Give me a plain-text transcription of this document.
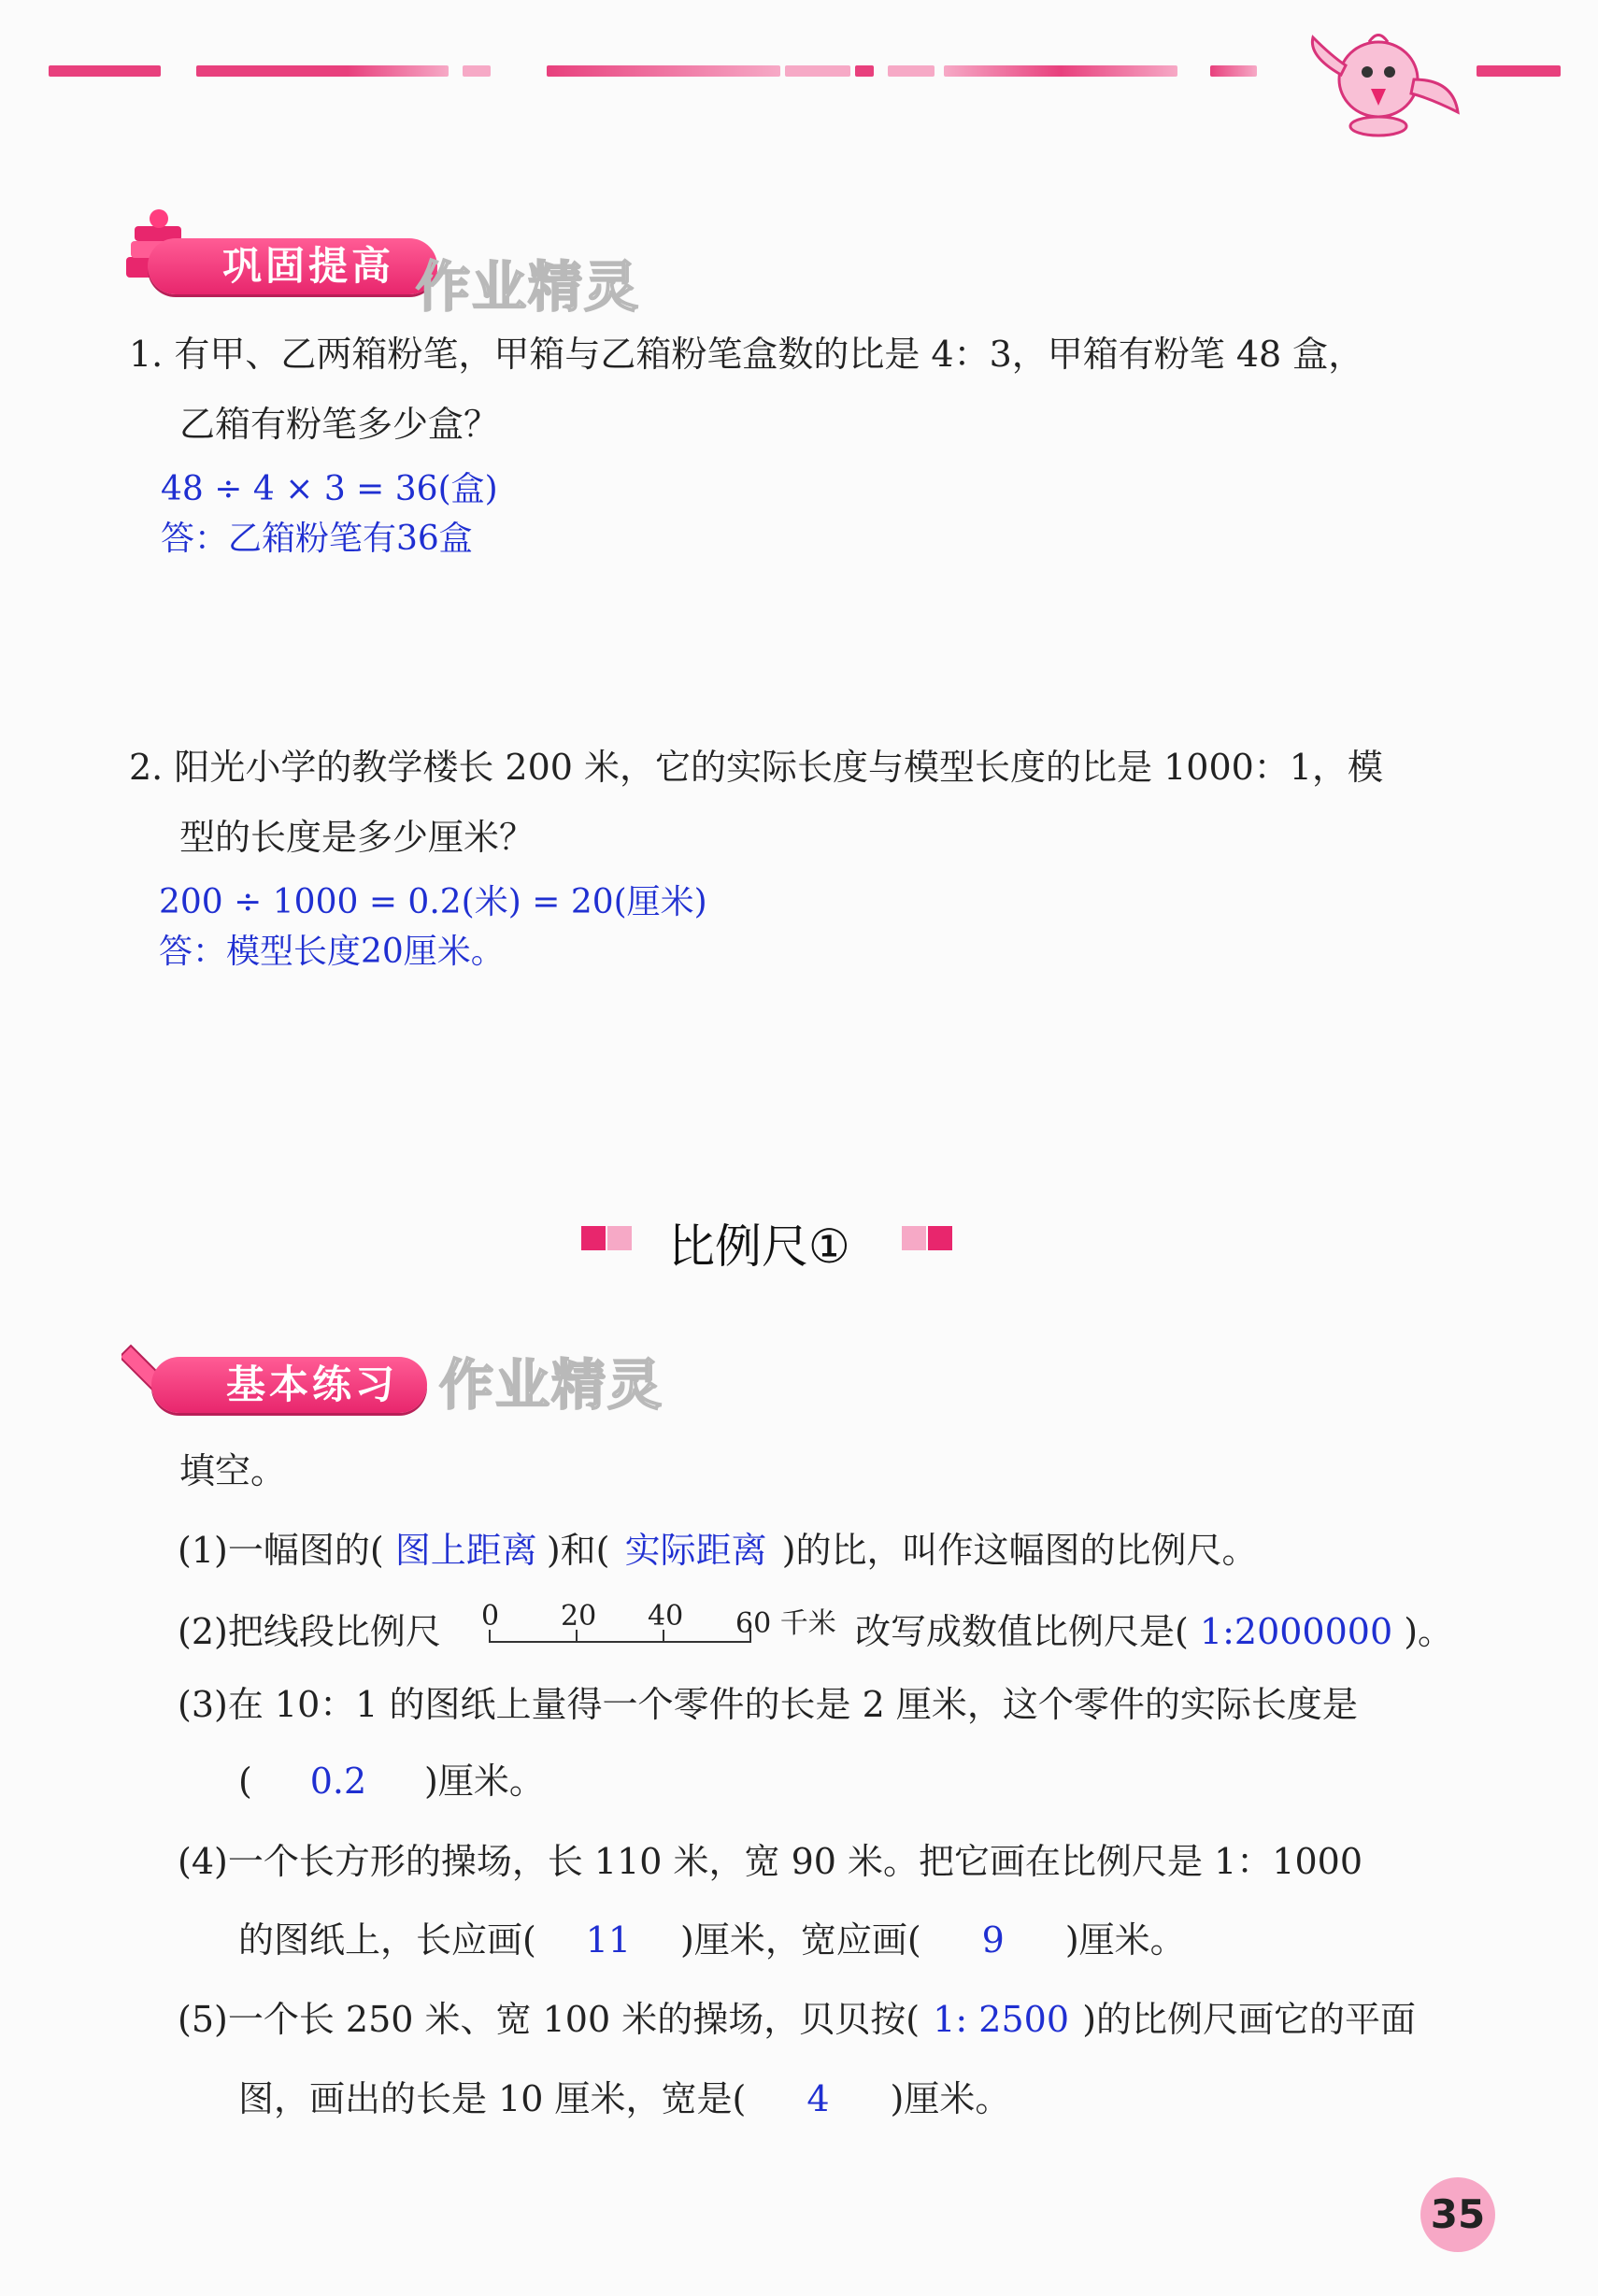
巩固提高 作业精灵
1. 有甲、乙两箱粉笔，甲箱与乙箱粉笔盒数的比是 4：3，甲箱有粉笔 48 盒，
乙箱有粉笔多少盒？
48 ÷ 4 × 3 = 36(盒)
答：乙箱粉笔有36盒
2. 阳光小学的教学楼长 200 米，它的实际长度与模型长度的比是 1000：1，模
型的长度是多少厘米？
200 ÷ 1000 = 0.2(米) = 20(厘米)
答：模型长度20厘米。
比例尺①
基本练习 作业精灵
填空。
(1)一幅图的( 图上距离 )和( 实际距离 )的比，叫作这幅图的比例尺。
(2)把线段比例尺 0 20 40 60 千米 改写成数值比例尺是( 1:2000000 )。
(3)在 10：1 的图纸上量得一个零件的长是 2 厘米，这个零件的实际长度是
( 0.2 )厘米。
(4)一个长方形的操场，长 110 米，宽 90 米。把它画在比例尺是 1：1000
的图纸上，长应画( 11 )厘米，宽应画( 9 )厘米。
(5)一个长 250 米、宽 100 米的操场，贝贝按( 1: 2500 )的比例尺画它的平面
图，画出的长是 10 厘米，宽是( 4 )厘米。
35
